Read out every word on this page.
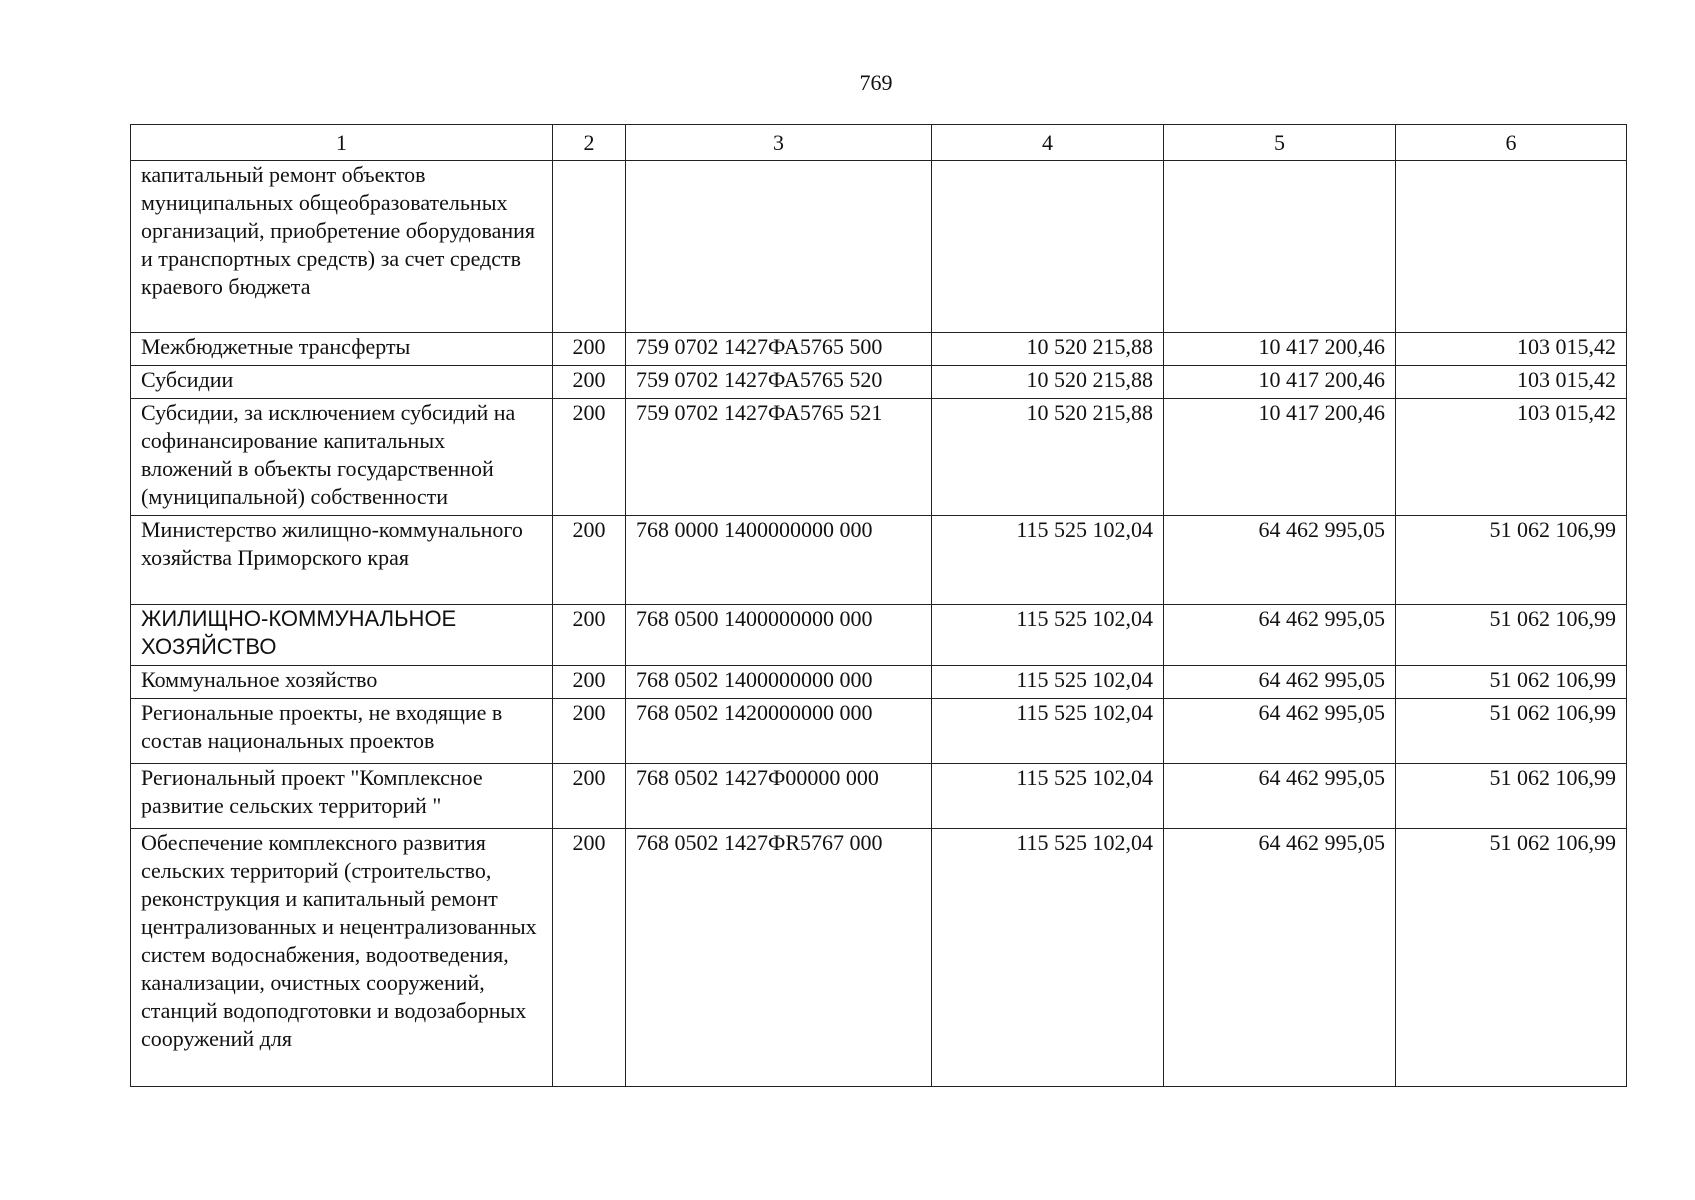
769
1	2	3	4	5	6
капитальный ремонт объектов муниципальных общеобразовательных организаций, приобретение оборудования и транспортных средств) за счет средств краевого бюджета					
Межбюджетные трансферты	200	759 0702 1427ФА5765 500	10 520 215,88	10 417 200,46	103 015,42
Субсидии	200	759 0702 1427ФА5765 520	10 520 215,88	10 417 200,46	103 015,42
Субсидии, за исключением субсидий на софинансирование капитальных вложений в объекты государственной (муниципальной) собственности	200	759 0702 1427ФА5765 521	10 520 215,88	10 417 200,46	103 015,42
Министерство жилищно-коммунального хозяйства Приморского края	200	768 0000 1400000000 000	115 525 102,04	64 462 995,05	51 062 106,99
ЖИЛИЩНО-КОММУНАЛЬНОЕ ХОЗЯЙСТВО	200	768 0500 1400000000 000	115 525 102,04	64 462 995,05	51 062 106,99
Коммунальное хозяйство	200	768 0502 1400000000 000	115 525 102,04	64 462 995,05	51 062 106,99
Региональные проекты, не входящие в состав национальных проектов	200	768 0502 1420000000 000	115 525 102,04	64 462 995,05	51 062 106,99
Региональный проект "Комплексное развитие сельских территорий "	200	768 0502 1427Ф00000 000	115 525 102,04	64 462 995,05	51 062 106,99
Обеспечение комплексного развития сельских территорий (строительство, реконструкция и капитальный ремонт централизованных и нецентрализованных систем водоснабжения, водоотведения, канализации, очистных сооружений, станций водоподготовки и водозаборных сооружений для	200	768 0502 1427ФR5767 000	115 525 102,04	64 462 995,05	51 062 106,99
